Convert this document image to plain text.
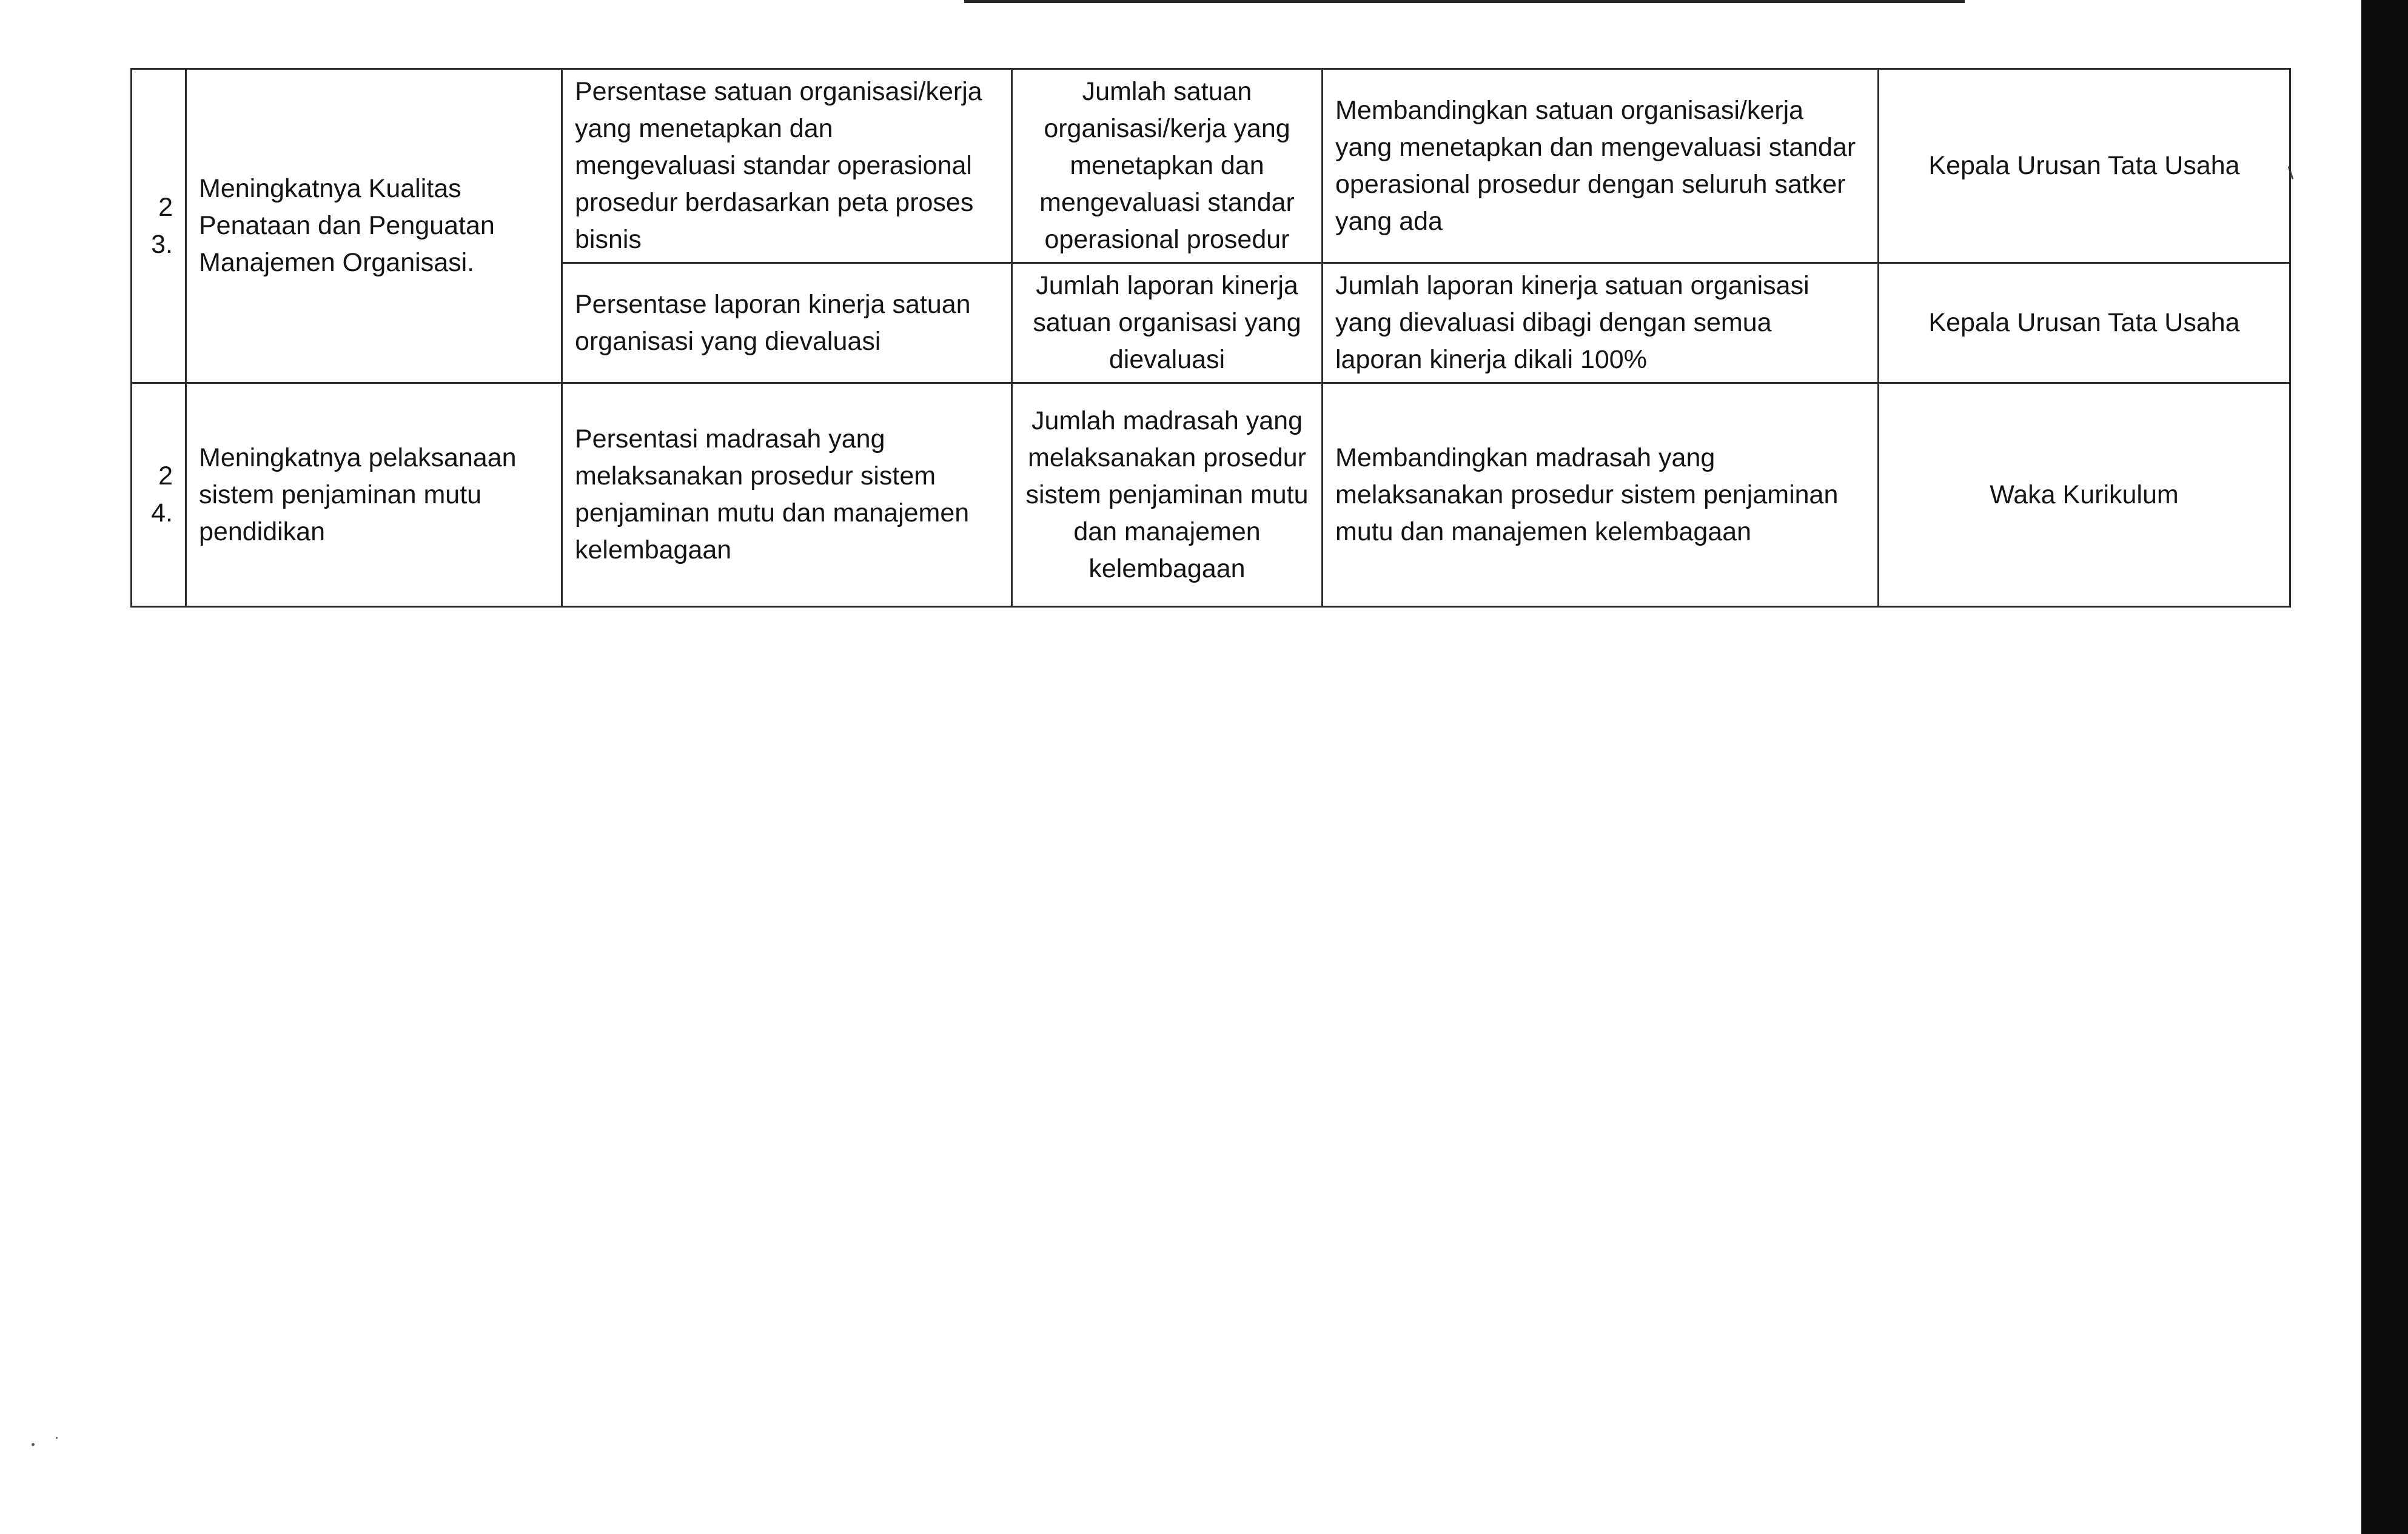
23.	Meningkatnya Kualitas Penataan dan Penguatan Manajemen Organisasi.	Persentase satuan organisasi/kerja yang menetapkan dan mengevaluasi standar operasional prosedur berdasarkan peta proses bisnis	Jumlah satuan organisasi/kerja yang menetapkan dan mengevaluasi standar operasional prosedur	Membandingkan satuan organisasi/kerja yang menetapkan dan mengevaluasi standar operasional prosedur dengan seluruh satker yang ada	Kepala Urusan Tata Usaha
		Persentase laporan kinerja satuan organisasi yang dievaluasi	Jumlah laporan kinerja satuan organisasi yang dievaluasi	Jumlah laporan kinerja satuan organisasi yang dievaluasi dibagi dengan semua laporan kinerja dikali 100%	Kepala Urusan Tata Usaha
24.	Meningkatnya pelaksanaan sistem penjaminan mutu pendidikan	Persentasi madrasah yang melaksanakan prosedur sistem penjaminan mutu dan manajemen kelembagaan	Jumlah madrasah yang melaksanakan prosedur sistem penjaminan mutu dan manajemen kelembagaan	Membandingkan madrasah yang melaksanakan prosedur sistem penjaminan mutu dan manajemen kelembagaan	Waka Kurikulum
